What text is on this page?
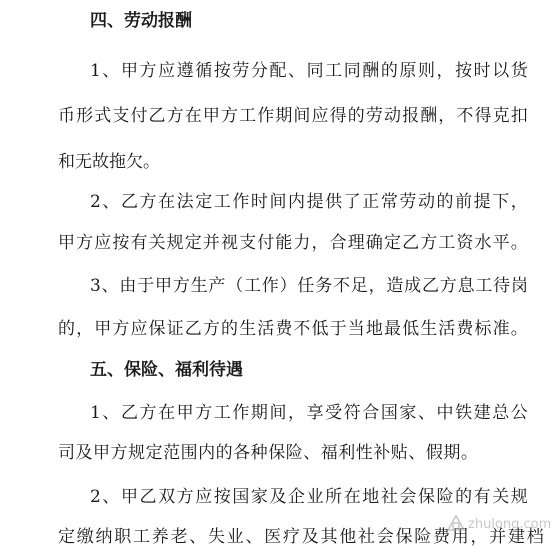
四、劳动报酬
1 、 甲 方 应 遵 循 按 劳 分 配 、 同 工 同 酬 的 原 则 ， 按 时 以 货
币 形 式 支 付 乙 方 在 甲 方 工 作 期 间 应 得 的 劳 动 报 酬 ， 不 得 克 扣
和无故拖欠。
2 、 乙 方 在 法 定 工 作 时 间 内 提 供 了 正 常 劳 动 的 前 提 下 ，
甲 方 应 按 有 关 规 定 并 视 支 付 能 力 ， 合 理 确 定 乙 方 工 资 水 平 。
3 、 由 于 甲 方 生 产 （ 工 作 ） 任 务 不 足 ， 造 成 乙 方 息 工 待 岗
的 ， 甲 方 应 保 证 乙 方 的 生 活 费 不 低 于 当 地 最 低 生 活 费 标 准 。
五、保险、福利待遇
1 、 乙 方 在 甲 方 工 作 期 间 ， 享 受 符 合 国 家 、 中 铁 建 总 公
司 及 甲 方 规 定 范 围 内 的 各 种 保 险 、 福 利 性 补 贴 、 假 期 。
2 、 甲 乙 双 方 应 按 国 家 及 企 业 所 在 地 社 会 保 险 的 有 关 规
定 缴 纳 职 工 养 老 、 失 业 、 医 疗 及 其 他 社 会 保 险 费 用 ， 并 建 档
zhulong.com
